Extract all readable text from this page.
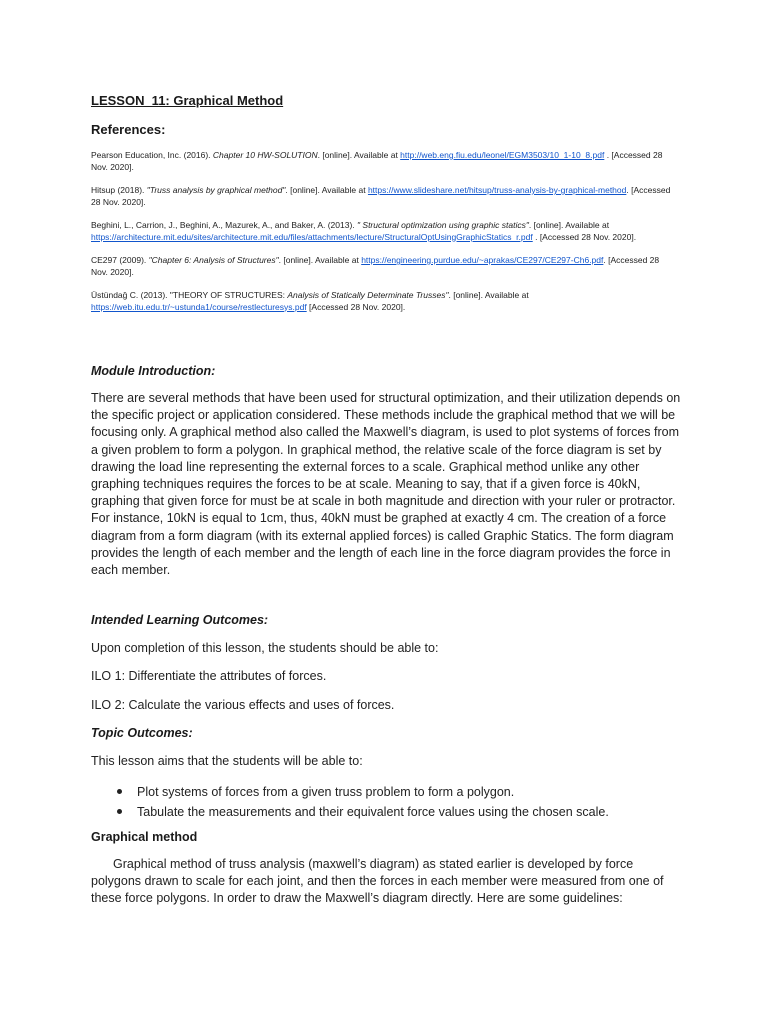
LESSON  11: Graphical Method
References:

Pearson Education, Inc. (2016). Chapter 10 HW-SOLUTION. [online]. Available at http://web.eng.fiu.edu/leonel/EGM3503/10_1-10_8.pdf . [Accessed 28 Nov. 2020].

Hitsup (2018). "Truss analysis by graphical method". [online]. Available at https://www.slideshare.net/hitsup/truss-analysis-by-graphical-method. [Accessed 28 Nov. 2020].

Beghini, L., Carrion, J., Beghini, A., Mazurek, A., and Baker, A. (2013). " Structural optimization using graphic statics". [online]. Available at https://architecture.mit.edu/sites/architecture.mit.edu/files/attachments/lecture/StructuralOptUsingGraphicStatics_r.pdf . [Accessed 28 Nov. 2020].

CE297 (2009). "Chapter 6: Analysis of Structures". [online]. Available at https://engineering.purdue.edu/~aprakas/CE297/CE297-Ch6.pdf. [Accessed 28 Nov. 2020].

Üstündağ C. (2013). "THEORY OF STRUCTURES: Analysis of Statically Determinate Trusses". [online]. Available at https://web.itu.edu.tr/~ustunda1/course/restlecturesys.pdf [Accessed 28 Nov. 2020].

Module Introduction:

There are several methods that have been used for structural optimization, and their utilization depends on the specific project or application considered. These methods include the graphical method that we will be focusing only. A graphical method also called the Maxwell’s diagram, is used to plot systems of forces from a given problem to form a polygon. In graphical method, the relative scale of the force diagram is set by drawing the load line representing the external forces to a scale. Graphical method unlike any other graphing techniques requires the forces to be at scale. Meaning to say, that if a given force is 40kN, graphing that given force for must be at scale in both magnitude and direction with your ruler or protractor. For instance, 10kN is equal to 1cm, thus, 40kN must be graphed at exactly 4 cm. The creation of a force diagram from a form diagram (with its external applied forces) is called Graphic Statics. The form diagram provides the length of each member and the length of each line in the force diagram provides the force in each member.

Intended Learning Outcomes:
Upon completion of this lesson, the students should be able to:
ILO 1: Differentiate the attributes of forces.
ILO 2: Calculate the various effects and uses of forces.
Topic Outcomes:
This lesson aims that the students will be able to:
Plot systems of forces from a given truss problem to form a polygon.
Tabulate the measurements and their equivalent force values using the chosen scale.
Graphical method

Graphical method of truss analysis (maxwell’s diagram) as stated earlier is developed by force polygons drawn to scale for each joint, and then the forces in each member were measured from one of these force polygons. In order to draw the Maxwell’s diagram directly. Here are some guidelines:
